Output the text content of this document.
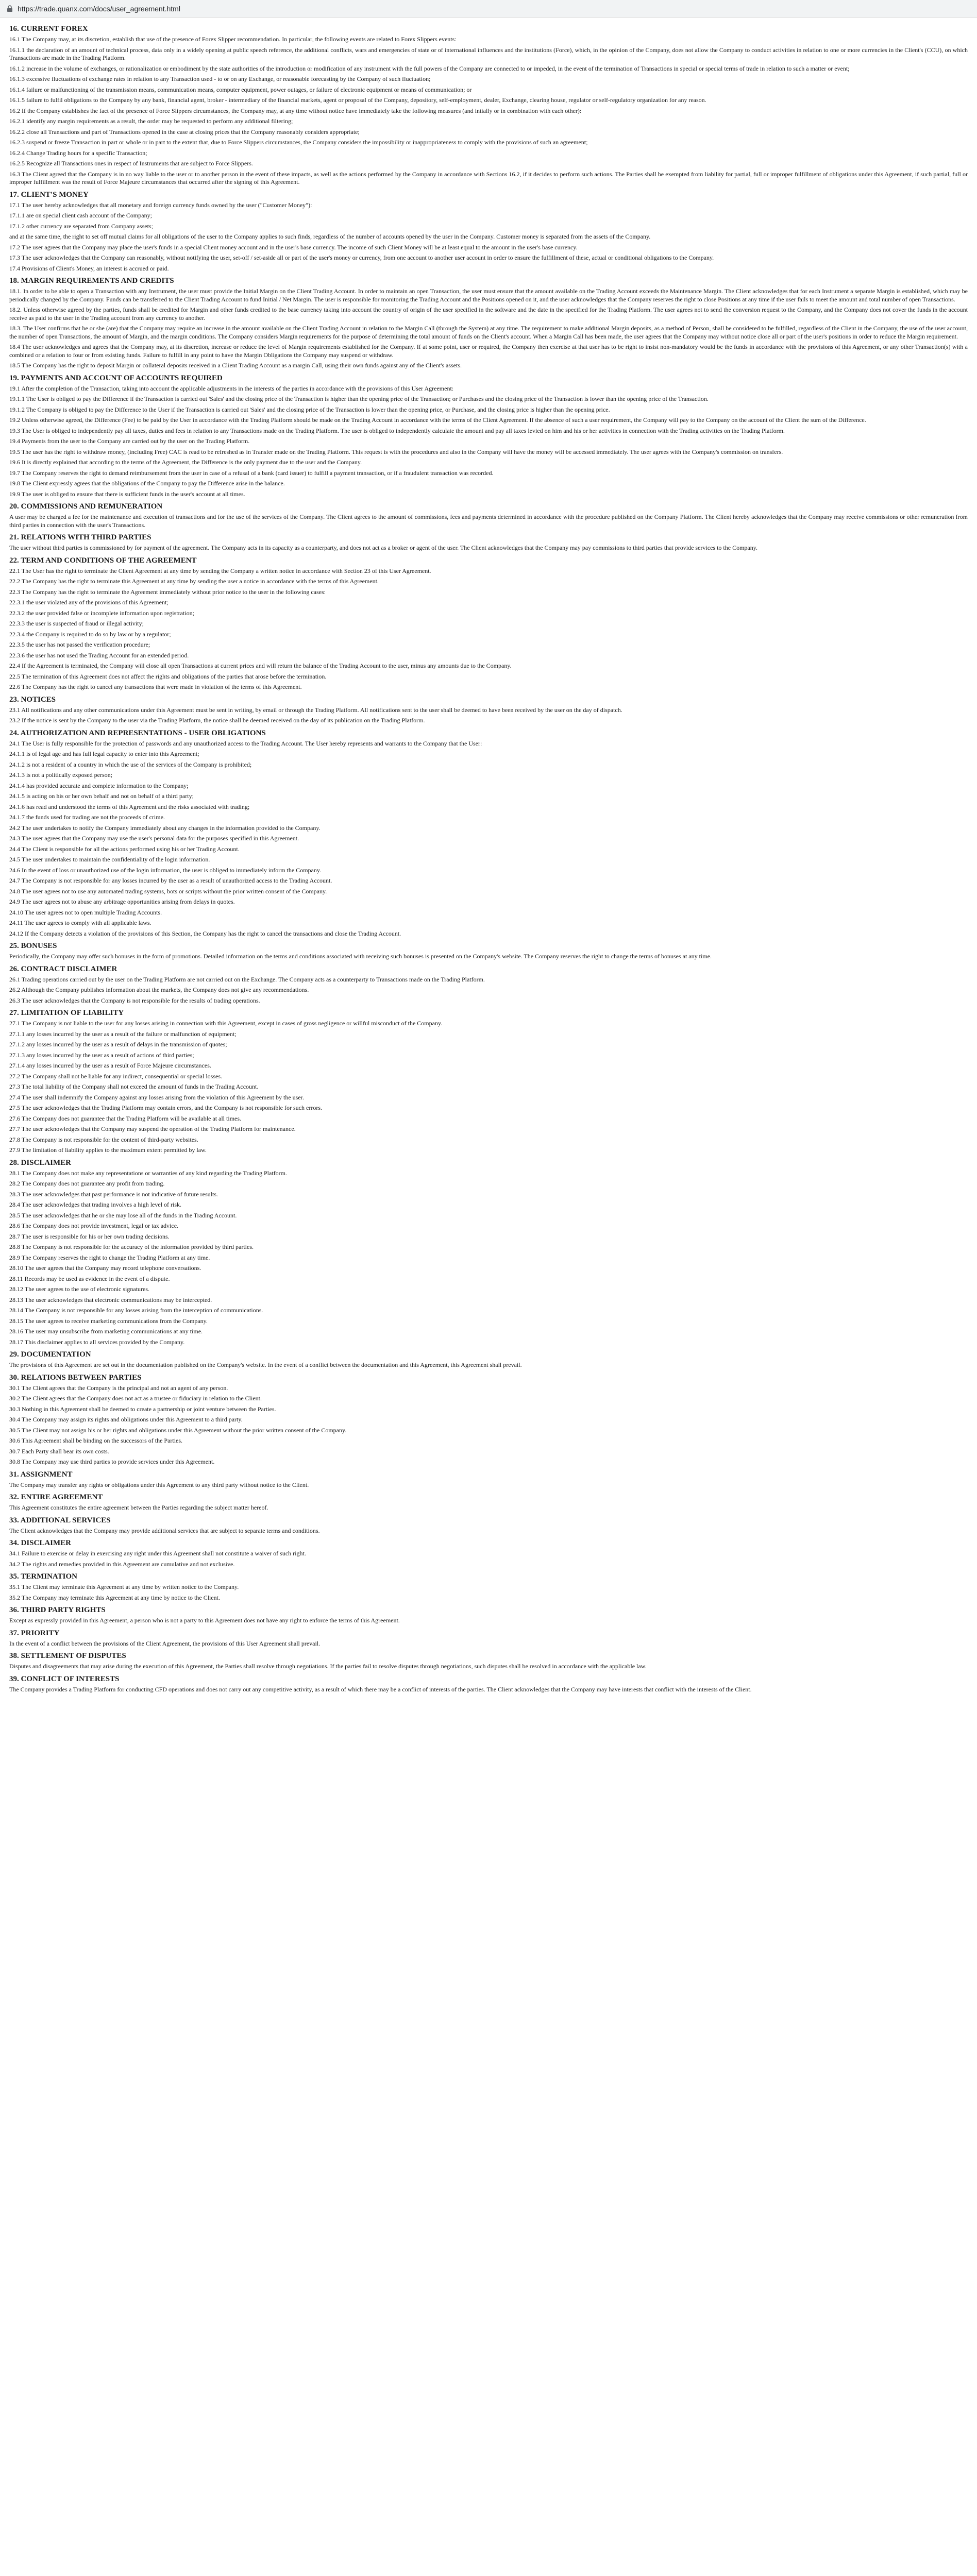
https://trade.quanx.com/docs/user_agreement.html
16. CURRENT FOREX
16.1 The Company may, at its discretion, establish that use of the presence of Forex Slipper recommendation. In particular, the following events are related to Forex Slippers events:
16.1.1 the declaration of an amount of technical process, data only in a widely opening at public speech reference, the additional conflicts, wars and emergencies of state or of international influences and the institutions (Force), which, in the opinion of the Company, does not allow the Company to conduct activities in relation to one or more currencies in the Client's (CCU), on which Transactions are made in the Trading Platform.
16.1.2 increase in the volume of exchanges, or rationalization or embodiment by the state authorities of the introduction or modification of any instrument with the full powers of the Company are connected to or impeded, in the event of the termination of Transactions in special or special terms of trade in relation to such a matter or event;
16.1.3 excessive fluctuations of exchange rates in relation to any Transaction used - to or on any Exchange, or reasonable forecasting by the Company of such fluctuation;
16.1.4 failure or malfunctioning of the transmission means, communication means, computer equipment, power outages, or failure of electronic equipment or means of communication; or
16.1.5 failure to fulfil obligations to the Company by any bank, financial agent, broker - intermediary of the financial markets, agent or proposal of the Company, depository, self-employment, dealer, Exchange, clearing house, regulator or self-regulatory organization for any reason.
16.2 If the Company establishes the fact of the presence of Force Slippers circumstances, the Company may, at any time without notice have immediately take the following measures (and intially or in combination with each other):
16.2.1 identify any margin requirements as a result, the order may be requested to perform any additional filtering;
16.2.2 close all Transactions and part of Transactions opened in the case at closing prices that the Company reasonably considers appropriate;
16.2.3 suspend or freeze Transaction in part or whole or in part to the extent that, due to Force Slippers circumstances, the Company considers the impossibility or inappropriateness to comply with the provisions of such an agreement;
16.2.4 Change Trading hours for a specific Transaction;
16.2.5 Recognize all Transactions ones in respect of Instruments that are subject to Force Slippers.
16.3 The Client agreed that the Company is in no way liable to the user or to another person in the event of these impacts, as well as the actions performed by the Company in accordance with Sections 16.2, if it decides to perform such actions. The Parties shall be exempted from liability for partial, full or improper fulfillment of obligations under this Agreement, if such partial, full or improper fulfillment was the result of Force Majeure circumstances that occurred after the signing of this Agreement.
17. CLIENT'S MONEY
17.1 The user hereby acknowledges that all monetary and foreign currency funds owned by the user ("Customer Money"):
17.1.1 are on special client cash account of the Company;
17.1.2 other currency are separated from Company assets;
and at the same time, the right to set off mutual claims for all obligations of the user to the Company applies to such finds, regardless of the number of accounts opened by the user in the Company. Customer money is separated from the assets of the Company.
17.2 The user agrees that the Company may place the user's funds in a special Client money account and in the user's base currency. The income of such Client Money will be at least equal to the amount in the user's base currency.
17.3 The user acknowledges that the Company can reasonably, without notifying the user, set-off / set-aside all or part of the user's money or currency, from one account to another user account in order to ensure the fulfillment of these, actual or conditional obligations to the Company.
17.4 Provisions of Client's Money, an interest is accrued or paid.
18. MARGIN REQUIREMENTS AND CREDITS
18.1. In order to be able to open a Transaction with any Instrument, the user must provide the Initial Margin on the Client Trading Account. In order to maintain an open Transaction, the user must ensure that the amount available on the Trading Account exceeds the Maintenance Margin. The Client acknowledges that for each Instrument a separate Margin is established, which may be periodically changed by the Company. Funds can be transferred to the Client Trading Account to fund Initial / Net Margin. The user is responsible for monitoring the Trading Account and the Positions opened on it, and the user acknowledges that the Company reserves the right to close Positions at any time if the user fails to meet the amount and total number of open Transactions.
18.2. Unless otherwise agreed by the parties, funds shall be credited for Margin and other funds credited to the base currency taking into account the country of origin of the user specified in the software and the date in the specified for the Trading Platform. The user agrees not to send the conversion request to the Company, and the Company does not cover the funds in the account receive as paid to the user in the Trading account from any currency to another.
18.3. The User confirms that he or she (are) that the Company may require an increase in the amount available on the Client Trading Account in relation to the Margin Call (through the System) at any time. The requirement to make additional Margin deposits, as a method of Person, shall be considered to be fulfilled, regardless of the Client in the Company, the use of the user account, the number of open Transactions, the amount of Margin, and the margin conditions. The Company considers Margin requirements for the purpose of determining the total amount of funds on the Client's account. When a Margin Call has been made, the user agrees that the Company may without notice close all or part of the user's positions in order to reduce the Margin requirement.
18.4 The user acknowledges and agrees that the Company may, at its discretion, increase or reduce the level of Margin requirements established for the Company. If at some point, user or required, the Company then exercise at that user has to be right to insist non-mandatory would be the funds in accordance with the provisions of this Agreement, or any other Transaction(s) with a combined or a relation to four or from existing funds. Failure to fulfill in any point to have the Margin Obligations the Company may suspend or withdraw.
18.5 The Company has the right to deposit Margin or collateral deposits received in a Client Trading Account as a margin Call, using their own funds against any of the Client's assets.
19. PAYMENTS AND ACCOUNT OF ACCOUNTS REQUIRED
19.1 After the completion of the Transaction, taking into account the applicable adjustments in the interests of the parties in accordance with the provisions of this User Agreement:
19.1.1 The User is obliged to pay the Difference if the Transaction is carried out 'Sales' and the closing price of the Transaction is higher than the opening price of the Transaction; or Purchases and the closing price of the Transaction is lower than the opening price of the Transaction.
19.1.2 The Company is obliged to pay the Difference to the User if the Transaction is carried out 'Sales' and the closing price of the Transaction is lower than the opening price, or Purchase, and the closing price is higher than the opening price.
19.2 Unless otherwise agreed, the Difference (Fee) to be paid by the User in accordance with the Trading Platform should be made on the Trading Account in accordance with the terms of the Client Agreement. If the absence of such a user requirement, the Company will pay to the Company on the account of the Client the sum of the Difference.
19.3 The User is obliged to independently pay all taxes, duties and fees in relation to any Transactions made on the Trading Platform. The user is obliged to independently calculate the amount and pay all taxes levied on him and his or her activities in connection with the Trading activities on the Trading Platform.
19.4 Payments from the user to the Company are carried out by the user on the Trading Platform.
19.5 The user has the right to withdraw money, (including Free) CAC is read to be refreshed as in Transfer made on the Trading Platform. This request is with the procedures and also in the Company will have the money will be accessed immediately. The user agrees with the Company's commission on transfers.
19.6 It is directly explained that according to the terms of the Agreement, the Difference is the only payment due to the user and the Company.
19.7 The Company reserves the right to demand reimbursement from the user in case of a refusal of a bank (card issuer) to fulfill a payment transaction, or if a fraudulent transaction was recorded.
19.8 The Client expressly agrees that the obligations of the Company to pay the Difference arise in the balance.
19.9 The user is obliged to ensure that there is sufficient funds in the user's account at all times.
20. COMMISSIONS AND REMUNERATION
A user may be charged a fee for the maintenance and execution of transactions and for the use of the services of the Company. The Client agrees to the amount of commissions, fees and payments determined in accordance with the procedure published on the Company Platform. The Client hereby acknowledges that the Company may receive commissions or other remuneration from third parties in connection with the user's Transactions.
21. RELATIONS WITH THIRD PARTIES
The user without third parties is commissioned by for payment of the agreement. The Company acts in its capacity as a counterparty, and does not act as a broker or agent of the user. The Client acknowledges that the Company may pay commissions to third parties that provide services to the Company.
22. TERM AND CONDITIONS OF THE AGREEMENT
22.1 The User has the right to terminate the Client Agreement at any time by sending the Company a written notice in accordance with Section 23 of this User Agreement.
22.2 The Company has the right to terminate this Agreement at any time by sending the user a notice in accordance with the terms of this Agreement.
22.3 The Company has the right to terminate the Agreement immediately without prior notice to the user in the following cases:
22.3.1 the user violated any of the provisions of this Agreement;
22.3.2 the user provided false or incomplete information upon registration;
22.3.3 the user is suspected of fraud or illegal activity;
22.3.4 the Company is required to do so by law or by a regulator;
22.3.5 the user has not passed the verification procedure;
22.3.6 the user has not used the Trading Account for an extended period.
22.4 If the Agreement is terminated, the Company will close all open Transactions at current prices and will return the balance of the Trading Account to the user, minus any amounts due to the Company.
22.5 The termination of this Agreement does not affect the rights and obligations of the parties that arose before the termination.
22.6 The Company has the right to cancel any transactions that were made in violation of the terms of this Agreement.
23. NOTICES
23.1 All notifications and any other communications under this Agreement must be sent in writing, by email or through the Trading Platform. All notifications sent to the user shall be deemed to have been received by the user on the day of dispatch.
23.2 If the notice is sent by the Company to the user via the Trading Platform, the notice shall be deemed received on the day of its publication on the Trading Platform.
24. AUTHORIZATION AND REPRESENTATIONS - USER OBLIGATIONS
24.1 The User is fully responsible for the protection of passwords and any unauthorized access to the Trading Account. The User hereby represents and warrants to the Company that the User:
24.1.1 is of legal age and has full legal capacity to enter into this Agreement;
24.1.2 is not a resident of a country in which the use of the services of the Company is prohibited;
24.1.3 is not a politically exposed person;
24.1.4 has provided accurate and complete information to the Company;
24.1.5 is acting on his or her own behalf and not on behalf of a third party;
24.1.6 has read and understood the terms of this Agreement and the risks associated with trading;
24.1.7 the funds used for trading are not the proceeds of crime.
24.2 The user undertakes to notify the Company immediately about any changes in the information provided to the Company.
24.3 The user agrees that the Company may use the user's personal data for the purposes specified in this Agreement.
24.4 The Client is responsible for all the actions performed using his or her Trading Account.
24.5 The user undertakes to maintain the confidentiality of the login information.
24.6 In the event of loss or unauthorized use of the login information, the user is obliged to immediately inform the Company.
24.7 The Company is not responsible for any losses incurred by the user as a result of unauthorized access to the Trading Account.
24.8 The user agrees not to use any automated trading systems, bots or scripts without the prior written consent of the Company.
24.9 The user agrees not to abuse any arbitrage opportunities arising from delays in quotes.
24.10 The user agrees not to open multiple Trading Accounts.
24.11 The user agrees to comply with all applicable laws.
24.12 If the Company detects a violation of the provisions of this Section, the Company has the right to cancel the transactions and close the Trading Account.
25. BONUSES
Periodically, the Company may offer such bonuses in the form of promotions. Detailed information on the terms and conditions associated with receiving such bonuses is presented on the Company's website. The Company reserves the right to change the terms of bonuses at any time.
26. CONTRACT DISCLAIMER
26.1 Trading operations carried out by the user on the Trading Platform are not carried out on the Exchange. The Company acts as a counterparty to Transactions made on the Trading Platform.
26.2 Although the Company publishes information about the markets, the Company does not give any recommendations.
26.3 The user acknowledges that the Company is not responsible for the results of trading operations.
27. LIMITATION OF LIABILITY
27.1 The Company is not liable to the user for any losses arising in connection with this Agreement, except in cases of gross negligence or willful misconduct of the Company.
27.1.1 any losses incurred by the user as a result of the failure or malfunction of equipment;
27.1.2 any losses incurred by the user as a result of delays in the transmission of quotes;
27.1.3 any losses incurred by the user as a result of actions of third parties;
27.1.4 any losses incurred by the user as a result of Force Majeure circumstances.
27.2 The Company shall not be liable for any indirect, consequential or special losses.
27.3 The total liability of the Company shall not exceed the amount of funds in the Trading Account.
27.4 The user shall indemnify the Company against any losses arising from the violation of this Agreement by the user.
27.5 The user acknowledges that the Trading Platform may contain errors, and the Company is not responsible for such errors.
27.6 The Company does not guarantee that the Trading Platform will be available at all times.
27.7 The user acknowledges that the Company may suspend the operation of the Trading Platform for maintenance.
27.8 The Company is not responsible for the content of third-party websites.
27.9 The limitation of liability applies to the maximum extent permitted by law.
28. DISCLAIMER
28.1 The Company does not make any representations or warranties of any kind regarding the Trading Platform.
28.2 The Company does not guarantee any profit from trading.
28.3 The user acknowledges that past performance is not indicative of future results.
28.4 The user acknowledges that trading involves a high level of risk.
28.5 The user acknowledges that he or she may lose all of the funds in the Trading Account.
28.6 The Company does not provide investment, legal or tax advice.
28.7 The user is responsible for his or her own trading decisions.
28.8 The Company is not responsible for the accuracy of the information provided by third parties.
28.9 The Company reserves the right to change the Trading Platform at any time.
28.10 The user agrees that the Company may record telephone conversations.
28.11 Records may be used as evidence in the event of a dispute.
28.12 The user agrees to the use of electronic signatures.
28.13 The user acknowledges that electronic communications may be intercepted.
28.14 The Company is not responsible for any losses arising from the interception of communications.
28.15 The user agrees to receive marketing communications from the Company.
28.16 The user may unsubscribe from marketing communications at any time.
28.17 This disclaimer applies to all services provided by the Company.
29. DOCUMENTATION
The provisions of this Agreement are set out in the documentation published on the Company's website. In the event of a conflict between the documentation and this Agreement, this Agreement shall prevail.
30. RELATIONS BETWEEN PARTIES
30.1 The Client agrees that the Company is the principal and not an agent of any person.
30.2 The Client agrees that the Company does not act as a trustee or fiduciary in relation to the Client.
30.3 Nothing in this Agreement shall be deemed to create a partnership or joint venture between the Parties.
30.4 The Company may assign its rights and obligations under this Agreement to a third party.
30.5 The Client may not assign his or her rights and obligations under this Agreement without the prior written consent of the Company.
30.6 This Agreement shall be binding on the successors of the Parties.
30.7 Each Party shall bear its own costs.
30.8 The Company may use third parties to provide services under this Agreement.
31. ASSIGNMENT
The Company may transfer any rights or obligations under this Agreement to any third party without notice to the Client.
32. ENTIRE AGREEMENT
This Agreement constitutes the entire agreement between the Parties regarding the subject matter hereof.
33. ADDITIONAL SERVICES
The Client acknowledges that the Company may provide additional services that are subject to separate terms and conditions.
34. DISCLAIMER
34.1 Failure to exercise or delay in exercising any right under this Agreement shall not constitute a waiver of such right.
34.2 The rights and remedies provided in this Agreement are cumulative and not exclusive.
35. TERMINATION
35.1 The Client may terminate this Agreement at any time by written notice to the Company.
35.2 The Company may terminate this Agreement at any time by notice to the Client.
36. THIRD PARTY RIGHTS
Except as expressly provided in this Agreement, a person who is not a party to this Agreement does not have any right to enforce the terms of this Agreement.
37. PRIORITY
In the event of a conflict between the provisions of the Client Agreement, the provisions of this User Agreement shall prevail.
38. SETTLEMENT OF DISPUTES
Disputes and disagreements that may arise during the execution of this Agreement, the Parties shall resolve through negotiations. If the parties fail to resolve disputes through negotiations, such disputes shall be resolved in accordance with the applicable law.
39. CONFLICT OF INTERESTS
The Company provides a Trading Platform for conducting CFD operations and does not carry out any competitive activity, as a result of which there may be a conflict of interests of the parties. The Client acknowledges that the Company may have interests that conflict with the interests of the Client.
